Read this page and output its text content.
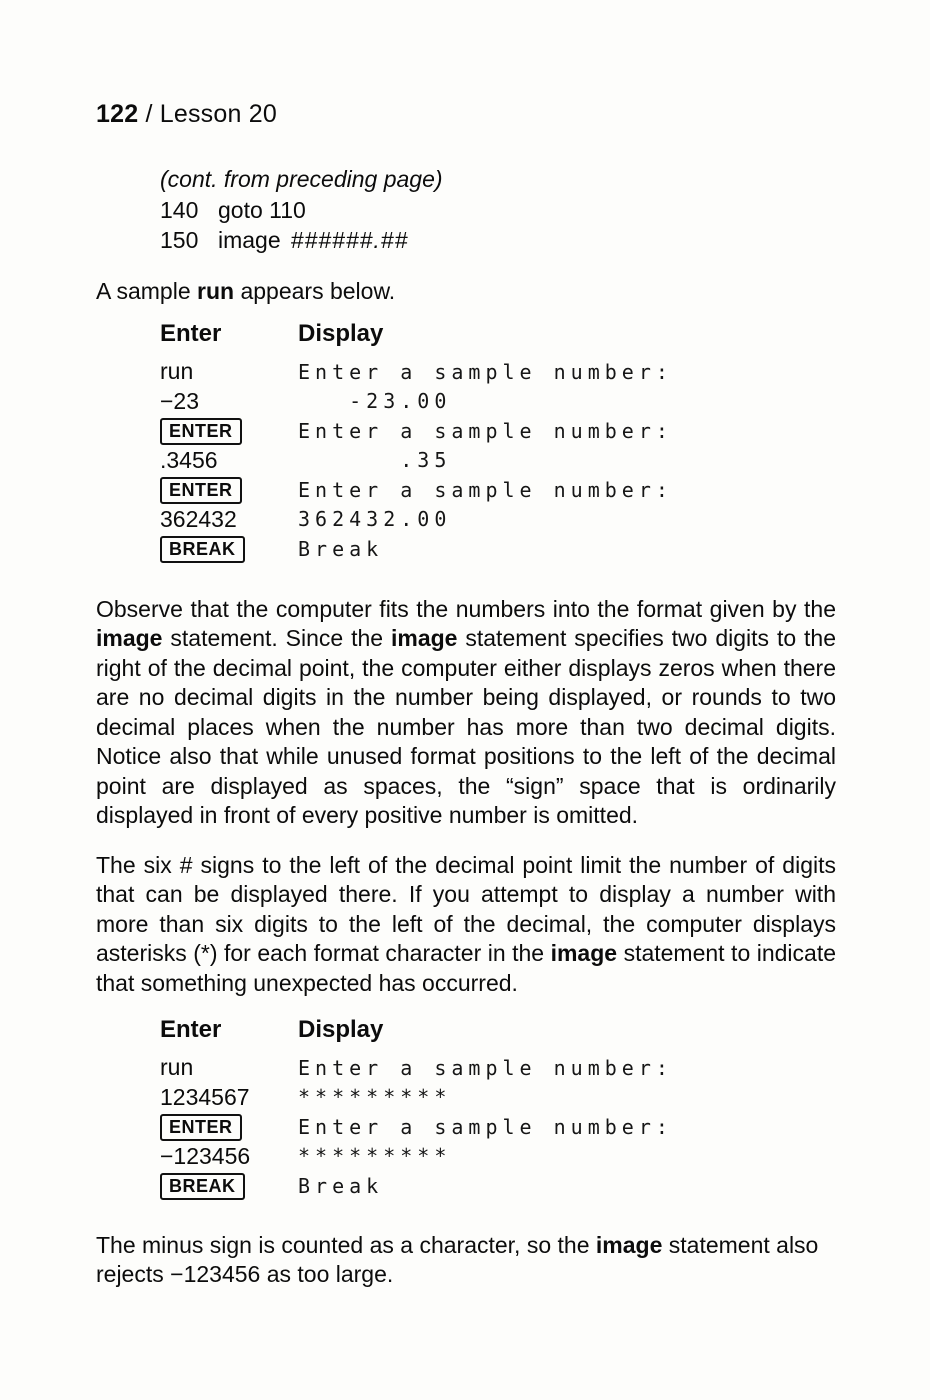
122 / Lesson 20
(cont. from preceding page)
140 goto 110
150 image ######.##

A sample run appears below.

Enter	Display
run	Enter a sample number:
−23	-23.00
ENTER	Enter a sample number:
.3456	.35
ENTER	Enter a sample number:
362432	362432.00
BREAK	Break

Observe that the computer fits the numbers into the format given by the image statement. Since the image statement specifies two digits to the right of the decimal point, the computer either displays zeros when there are no decimal digits in the number being displayed, or rounds to two decimal places when the number has more than two decimal digits. Notice also that while unused format positions to the left of the decimal point are displayed as spaces, the “sign” space that is ordinarily displayed in front of every positive number is omitted.

The six # signs to the left of the decimal point limit the number of digits that can be displayed there. If you attempt to display a number with more than six digits to the left of the decimal, the computer displays asterisks (*) for each format character in the image statement to indicate that something unexpected has occurred.

Enter	Display
run	Enter a sample number:
1234567	*********
ENTER	Enter a sample number:
−123456	*********
BREAK	Break

The minus sign is counted as a character, so the image statement also rejects −123456 as too large.
